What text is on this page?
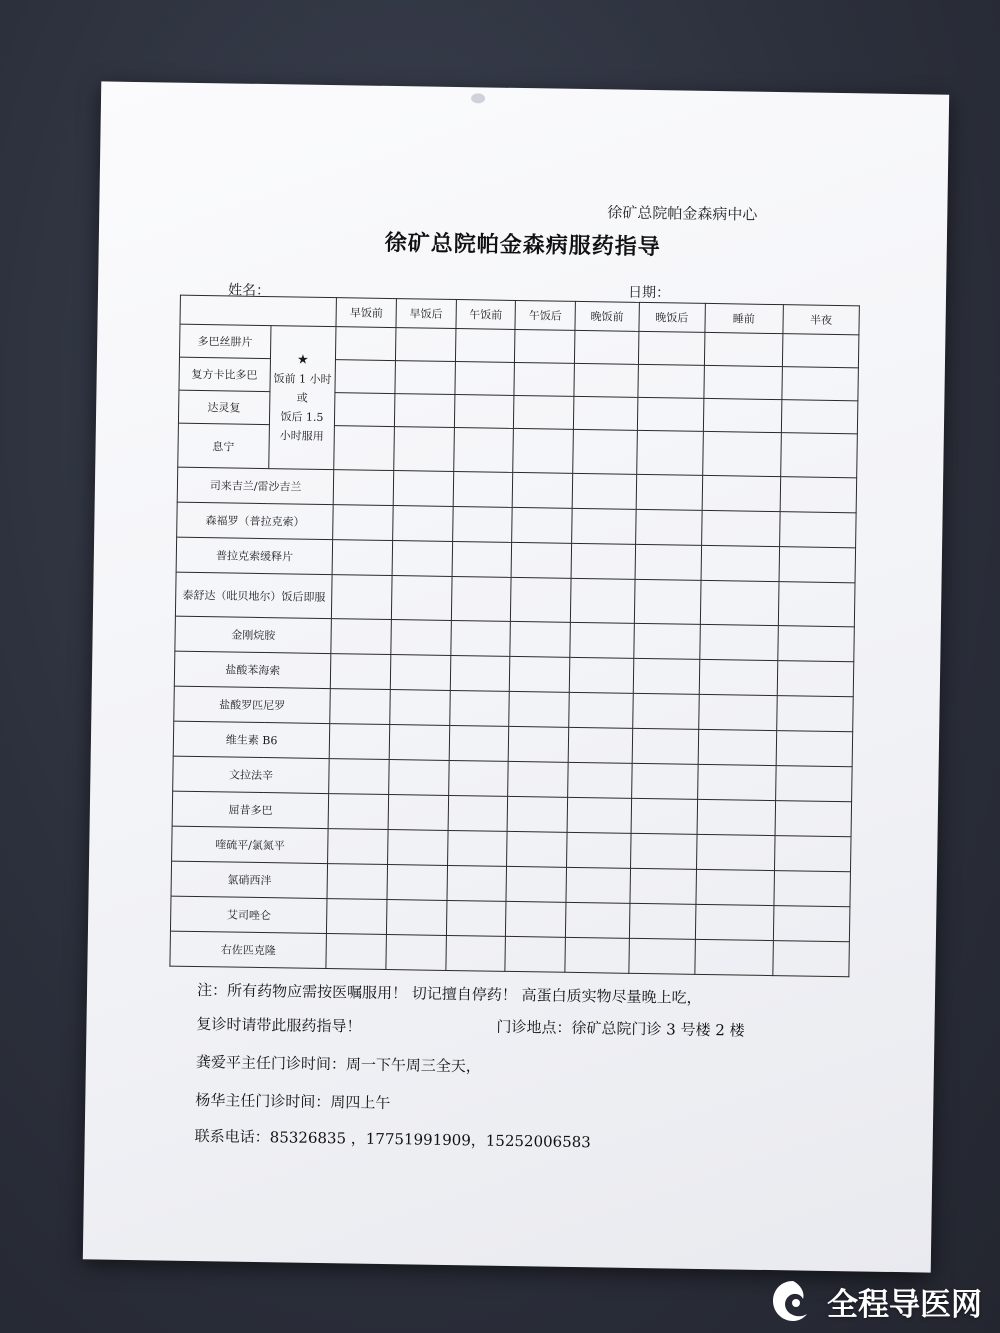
徐矿总院帕金森病中心
徐矿总院帕金森病服药指导
姓名：	日期：
		早饭前	早饭后	午饭前	午饭后	晚饭前	晚饭后	睡前	半夜
多巴丝肼片	★
饭前 1 小时
或
饭后 1.5
小时服用								

复方卡比多巴									
达灵复									
息宁									
司来吉兰/雷沙吉兰									
森福罗（普拉克索）									
普拉克索缓释片									
泰舒达（吡贝地尔）饭后即服									
金刚烷胺									
盐酸苯海索									
盐酸罗匹尼罗									
维生素 B6									
文拉法辛									
屈昔多巴									
喹硫平/氯氮平									
氯硝西泮									
艾司唑仑									
右佐匹克隆									
注：所有药物应需按医嘱服用！ 切记擅自停药！ 高蛋白质实物尽量晚上吃，
复诊时请带此服药指导！	门诊地点：徐矿总院门诊 3 号楼 2 楼
龚爱平主任门诊时间：周一下午周三全天，
杨华主任门诊时间：周四上午
联系电话：85326835 ，17751991909，15252006583
全程导医网
